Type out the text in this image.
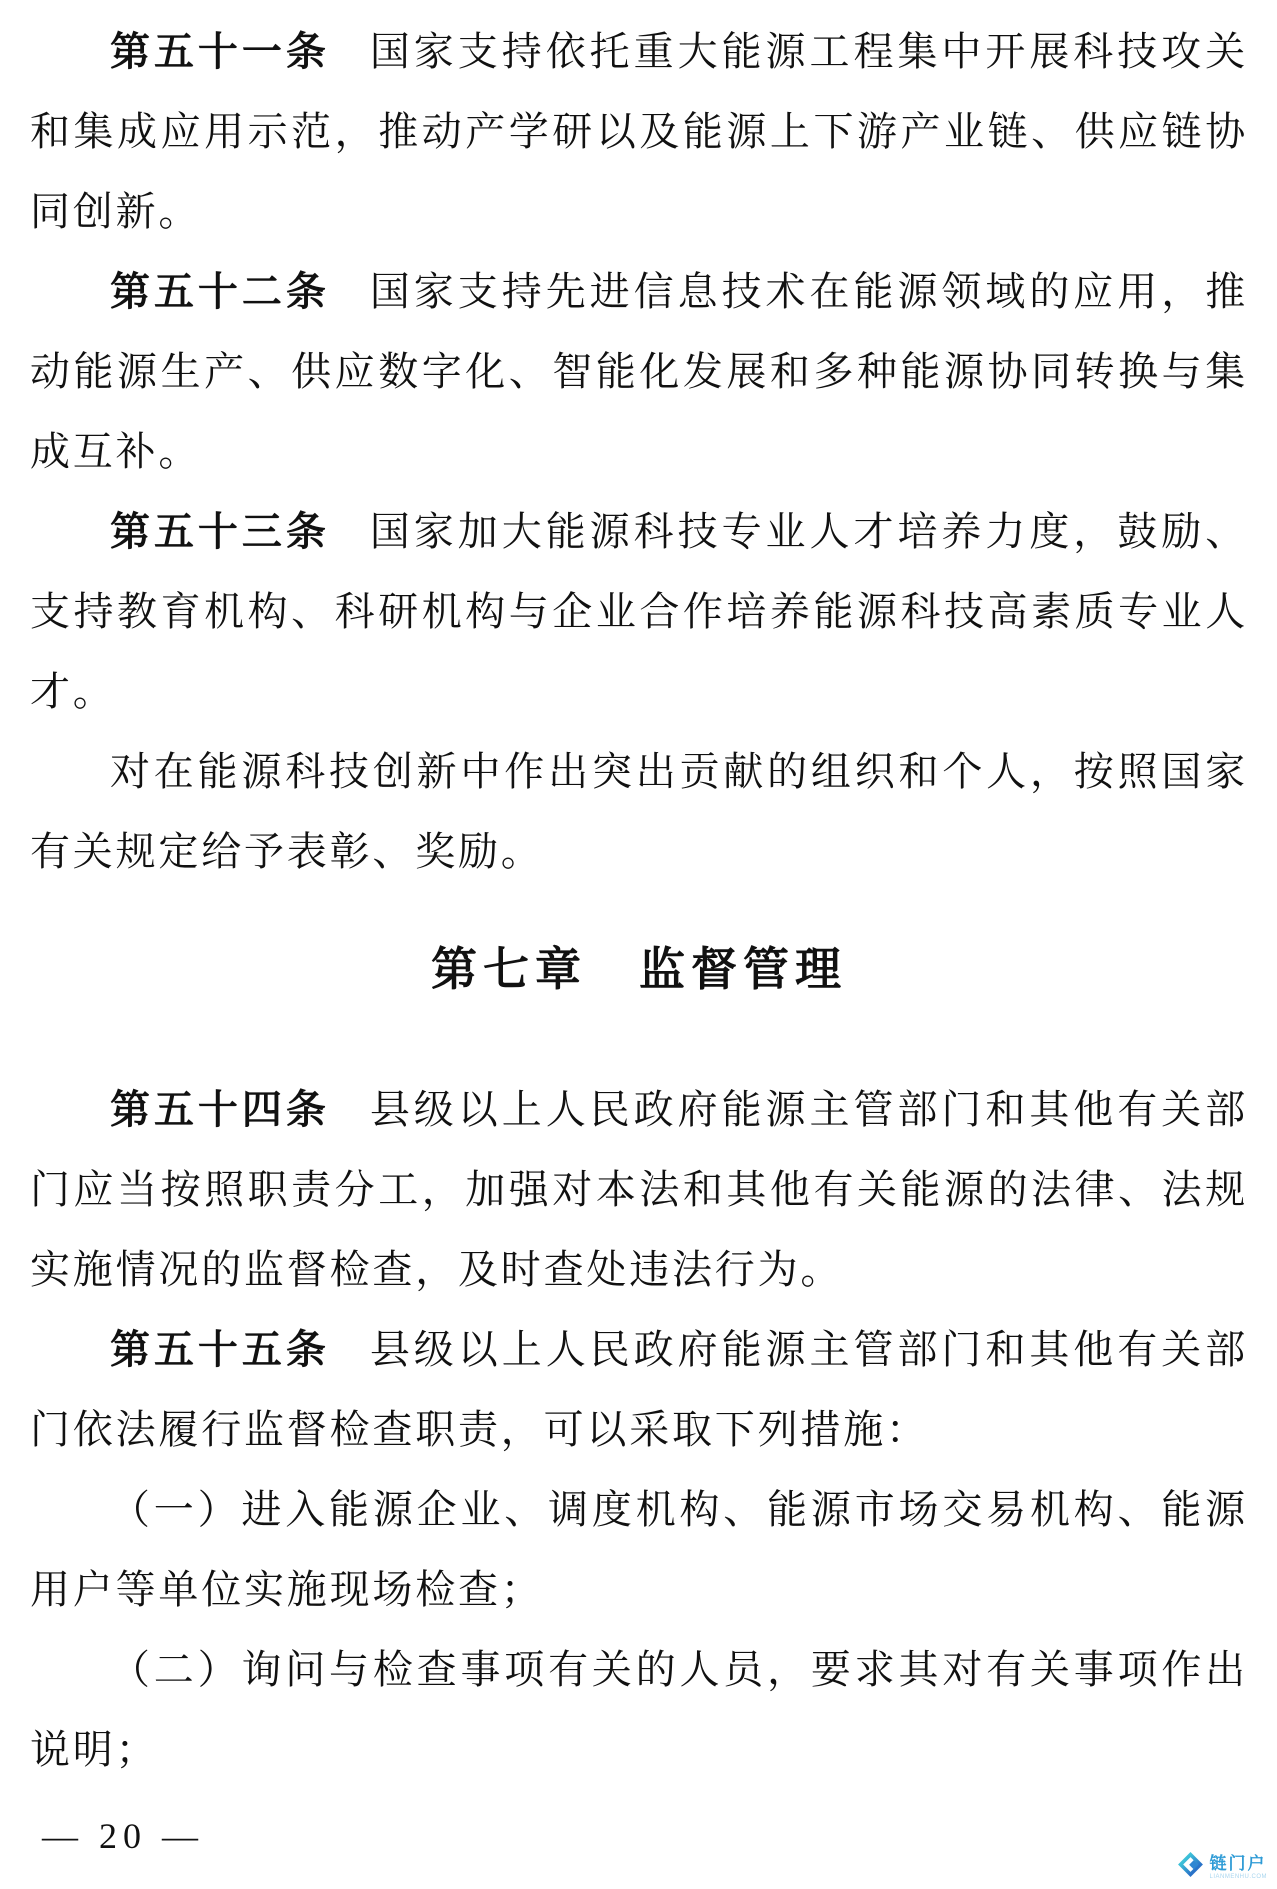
第五十一条 国家支持依托重大能源工程集中开展科技攻关和集成应用示范，推动产学研以及能源上下游产业链、供应链协同创新。

第五十二条 国家支持先进信息技术在能源领域的应用，推动能源生产、供应数字化、智能化发展和多种能源协同转换与集成互补。

第五十三条 国家加大能源科技专业人才培养力度，鼓励、支持教育机构、科研机构与企业合作培养能源科技高素质专业人才。

对在能源科技创新中作出突出贡献的组织和个人，按照国家有关规定给予表彰、奖励。

第七章　监督管理

第五十四条 县级以上人民政府能源主管部门和其他有关部门应当按照职责分工，加强对本法和其他有关能源的法律、法规实施情况的监督检查，及时查处违法行为。

第五十五条 县级以上人民政府能源主管部门和其他有关部门依法履行监督检查职责，可以采取下列措施：

（一）进入能源企业、调度机构、能源市场交易机构、能源用户等单位实施现场检查；

（二）询问与检查事项有关的人员，要求其对有关事项作出说明；

— 20 —
链门户
LIANMENHU.COM
